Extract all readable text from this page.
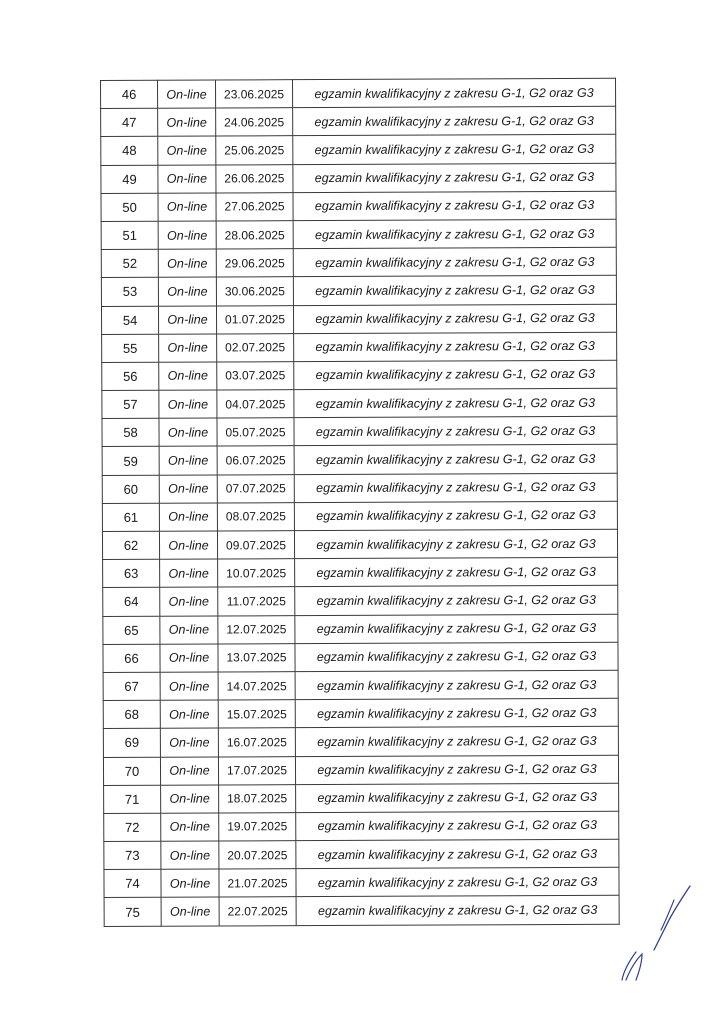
46	On-line	23.06.2025	egzamin kwalifikacyjny z zakresu G-1, G2 oraz G3
47	On-line	24.06.2025	egzamin kwalifikacyjny z zakresu G-1, G2 oraz G3
48	On-line	25.06.2025	egzamin kwalifikacyjny z zakresu G-1, G2 oraz G3
49	On-line	26.06.2025	egzamin kwalifikacyjny z zakresu G-1, G2 oraz G3
50	On-line	27.06.2025	egzamin kwalifikacyjny z zakresu G-1, G2 oraz G3
51	On-line	28.06.2025	egzamin kwalifikacyjny z zakresu G-1, G2 oraz G3
52	On-line	29.06.2025	egzamin kwalifikacyjny z zakresu G-1, G2 oraz G3
53	On-line	30.06.2025	egzamin kwalifikacyjny z zakresu G-1, G2 oraz G3
54	On-line	01.07.2025	egzamin kwalifikacyjny z zakresu G-1, G2 oraz G3
55	On-line	02.07.2025	egzamin kwalifikacyjny z zakresu G-1, G2 oraz G3
56	On-line	03.07.2025	egzamin kwalifikacyjny z zakresu G-1, G2 oraz G3
57	On-line	04.07.2025	egzamin kwalifikacyjny z zakresu G-1, G2 oraz G3
58	On-line	05.07.2025	egzamin kwalifikacyjny z zakresu G-1, G2 oraz G3
59	On-line	06.07.2025	egzamin kwalifikacyjny z zakresu G-1, G2 oraz G3
60	On-line	07.07.2025	egzamin kwalifikacyjny z zakresu G-1, G2 oraz G3
61	On-line	08.07.2025	egzamin kwalifikacyjny z zakresu G-1, G2 oraz G3
62	On-line	09.07.2025	egzamin kwalifikacyjny z zakresu G-1, G2 oraz G3
63	On-line	10.07.2025	egzamin kwalifikacyjny z zakresu G-1, G2 oraz G3
64	On-line	11.07.2025	egzamin kwalifikacyjny z zakresu G-1, G2 oraz G3
65	On-line	12.07.2025	egzamin kwalifikacyjny z zakresu G-1, G2 oraz G3
66	On-line	13.07.2025	egzamin kwalifikacyjny z zakresu G-1, G2 oraz G3
67	On-line	14.07.2025	egzamin kwalifikacyjny z zakresu G-1, G2 oraz G3
68	On-line	15.07.2025	egzamin kwalifikacyjny z zakresu G-1, G2 oraz G3
69	On-line	16.07.2025	egzamin kwalifikacyjny z zakresu G-1, G2 oraz G3
70	On-line	17.07.2025	egzamin kwalifikacyjny z zakresu G-1, G2 oraz G3
71	On-line	18.07.2025	egzamin kwalifikacyjny z zakresu G-1, G2 oraz G3
72	On-line	19.07.2025	egzamin kwalifikacyjny z zakresu G-1, G2 oraz G3
73	On-line	20.07.2025	egzamin kwalifikacyjny z zakresu G-1, G2 oraz G3
74	On-line	21.07.2025	egzamin kwalifikacyjny z zakresu G-1, G2 oraz G3
75	On-line	22.07.2025	egzamin kwalifikacyjny z zakresu G-1, G2 oraz G3
